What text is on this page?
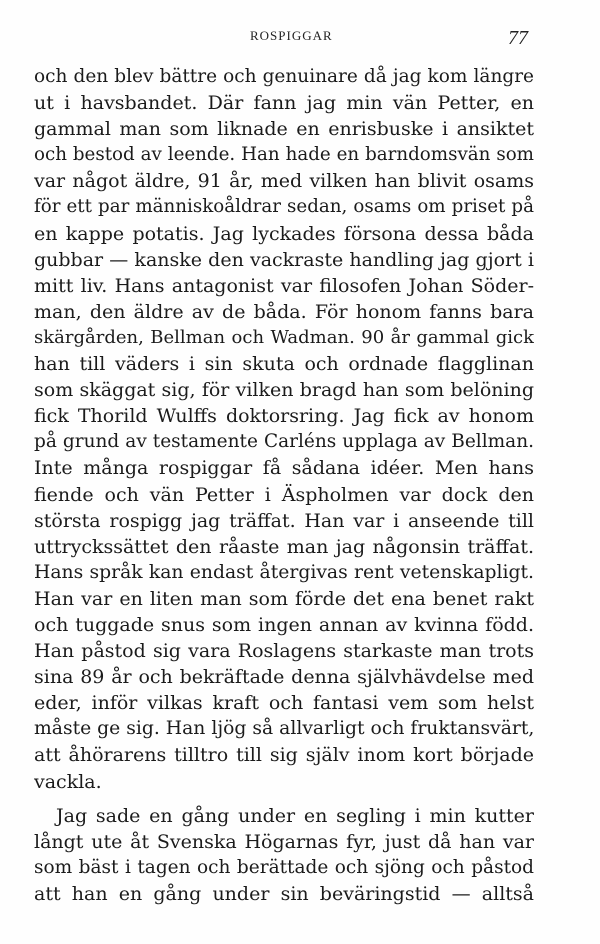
ROSPIGGAR	77
och den blev bättre och genuinare då jag kom längre
ut i havsbandet. Där fann jag min vän Petter, en
gammal man som liknade en enrisbuske i ansiktet
och bestod av leende. Han hade en barndomsvän som
var något äldre, 91 år, med vilken han blivit osams
för ett par människoåldrar sedan, osams om priset på
en kappe potatis. Jag lyckades försona dessa båda
gubbar — kanske den vackraste handling jag gjort i
mitt liv. Hans antagonist var filosofen Johan Söder-
man, den äldre av de båda. För honom fanns bara
skärgården, Bellman och Wadman. 90 år gammal gick
han till väders i sin skuta och ordnade flagglinan
som skäggat sig, för vilken bragd han som belöning
fick Thorild Wulffs doktorsring. Jag fick av honom
på grund av testamente Carléns upplaga av Bellman.
Inte många rospiggar få sådana idéer. Men hans
fiende och vän Petter i Äspholmen var dock den
största rospigg jag träffat. Han var i anseende till
uttryckssättet den råaste man jag någonsin träffat.
Hans språk kan endast återgivas rent vetenskapligt.
Han var en liten man som förde det ena benet rakt
och tuggade snus som ingen annan av kvinna född.
Han påstod sig vara Roslagens starkaste man trots
sina 89 år och bekräftade denna självhävdelse med
eder, inför vilkas kraft och fantasi vem som helst
måste ge sig. Han ljög så allvarligt och fruktansvärt,
att åhörarens tilltro till sig själv inom kort började
vackla.
Jag sade en gång under en segling i min kutter
långt ute åt Svenska Högarnas fyr, just då han var
som bäst i tagen och berättade och sjöng och påstod
att han en gång under sin beväringstid — alltså
